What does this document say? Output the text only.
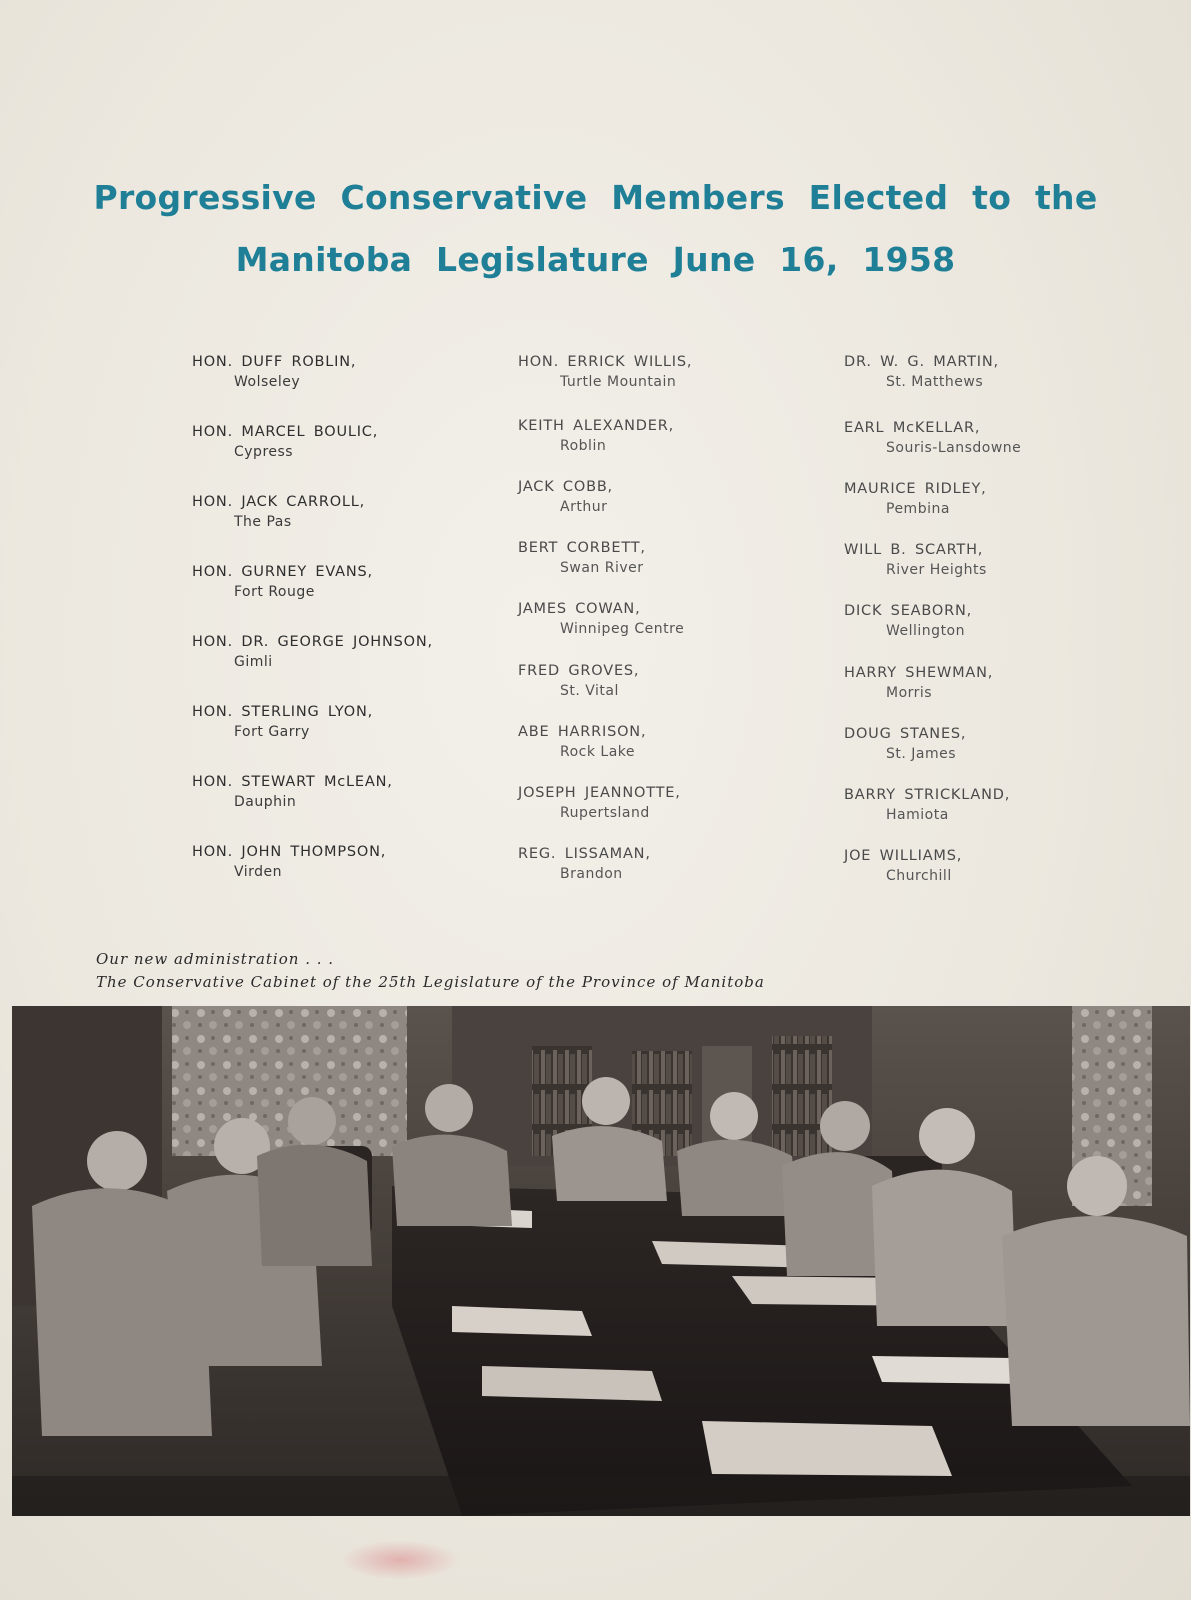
Progressive Conservative Members Elected to the
Manitoba Legislature June 16, 1958
HON. DUFF ROBLIN,
Wolseley
HON. MARCEL BOULIC,
Cypress
HON. JACK CARROLL,
The Pas
HON. GURNEY EVANS,
Fort Rouge
HON. DR. GEORGE JOHNSON,
Gimli
HON. STERLING LYON,
Fort Garry
HON. STEWART McLEAN,
Dauphin
HON. JOHN THOMPSON,
Virden
HON. ERRICK WILLIS,
Turtle Mountain
KEITH ALEXANDER,
Roblin
JACK COBB,
Arthur
BERT CORBETT,
Swan River
JAMES COWAN,
Winnipeg Centre
FRED GROVES,
St. Vital
ABE HARRISON,
Rock Lake
JOSEPH JEANNOTTE,
Rupertsland
REG. LISSAMAN,
Brandon
DR. W. G. MARTIN,
St. Matthews
EARL McKELLAR,
Souris-Lansdowne
MAURICE RIDLEY,
Pembina
WILL B. SCARTH,
River Heights
DICK SEABORN,
Wellington
HARRY SHEWMAN,
Morris
DOUG STANES,
St. James
BARRY STRICKLAND,
Hamiota
JOE WILLIAMS,
Churchill
Our new administration . . .
The Conservative Cabinet of the 25th Legislature of the Province of Manitoba
